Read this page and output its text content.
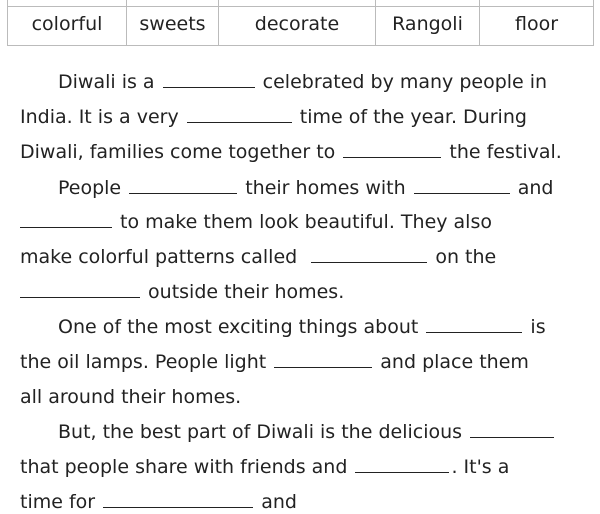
colorful	sweets	decorate	Rangoli	floor
Diwali is a	celebrated by many people in
India. It is a very	time of the year. During
Diwali, families come together to	the festival.
People	their homes with	and
to make them look beautiful. They also
make colorful patterns called	on the
outside their homes.
One of the most exciting things about	is
the oil lamps. People light	and place them
all around their homes.
But, the best part of Diwali is the delicious
that people share with friends and	. It's a
time for	and
